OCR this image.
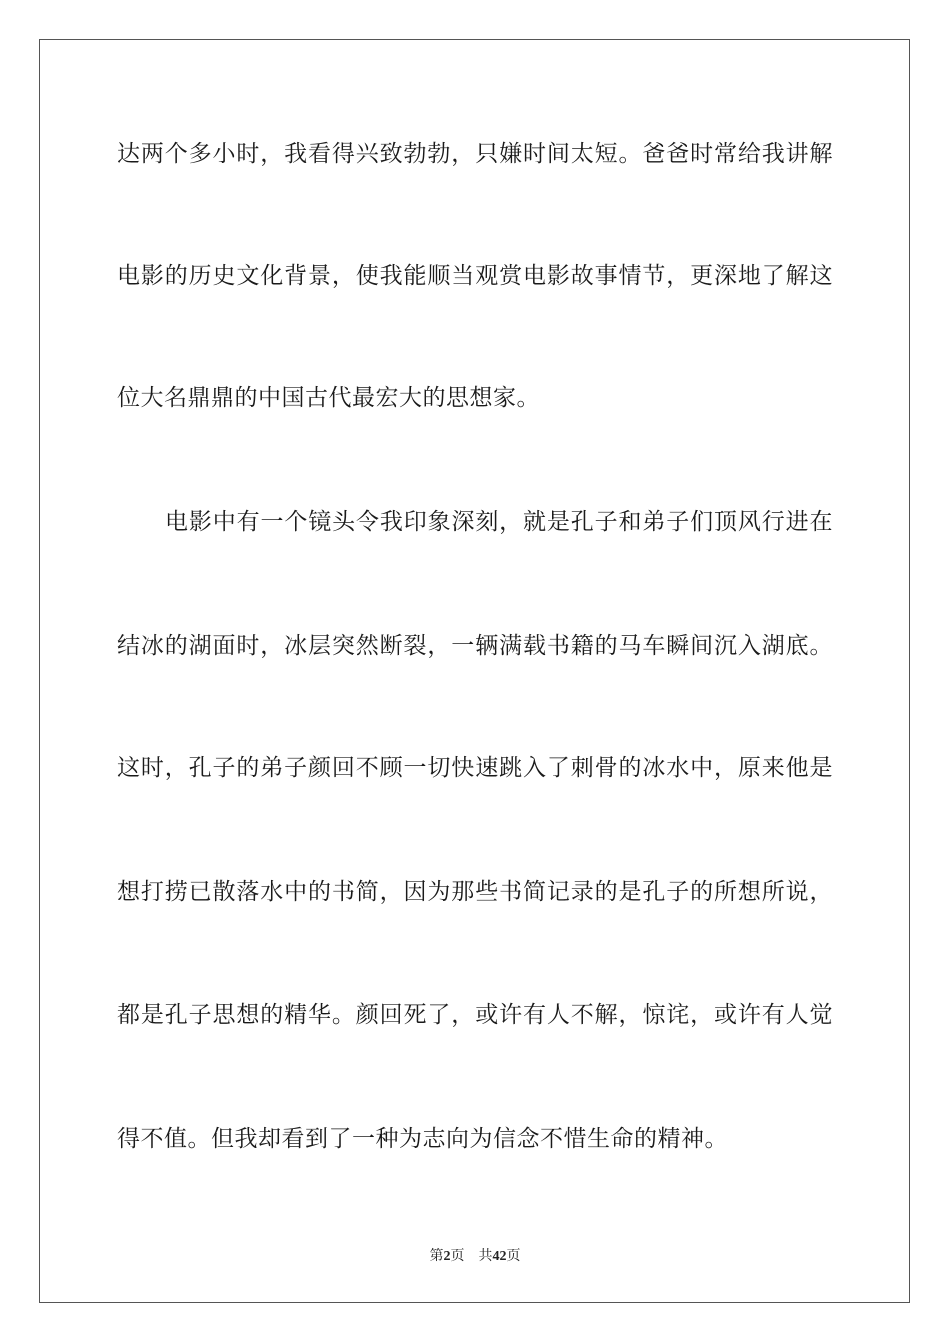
达两个多小时，我看得兴致勃勃，只嫌时间太短。爸爸时常给我讲解
电影的历史文化背景，使我能顺当观赏电影故事情节，更深地了解这
位大名鼎鼎的中国古代最宏大的思想家。
电影中有一个镜头令我印象深刻，就是孔子和弟子们顶风行进在
结冰的湖面时，冰层突然断裂，一辆满载书籍的马车瞬间沉入湖底。
这时，孔子的弟子颜回不顾一切快速跳入了刺骨的冰水中，原来他是
想打捞已散落水中的书简，因为那些书简记录的是孔子的所想所说，
都是孔子思想的精华。颜回死了，或许有人不解，惊诧，或许有人觉
得不值。但我却看到了一种为志向为信念不惜生命的精神。
第2页 共42页
